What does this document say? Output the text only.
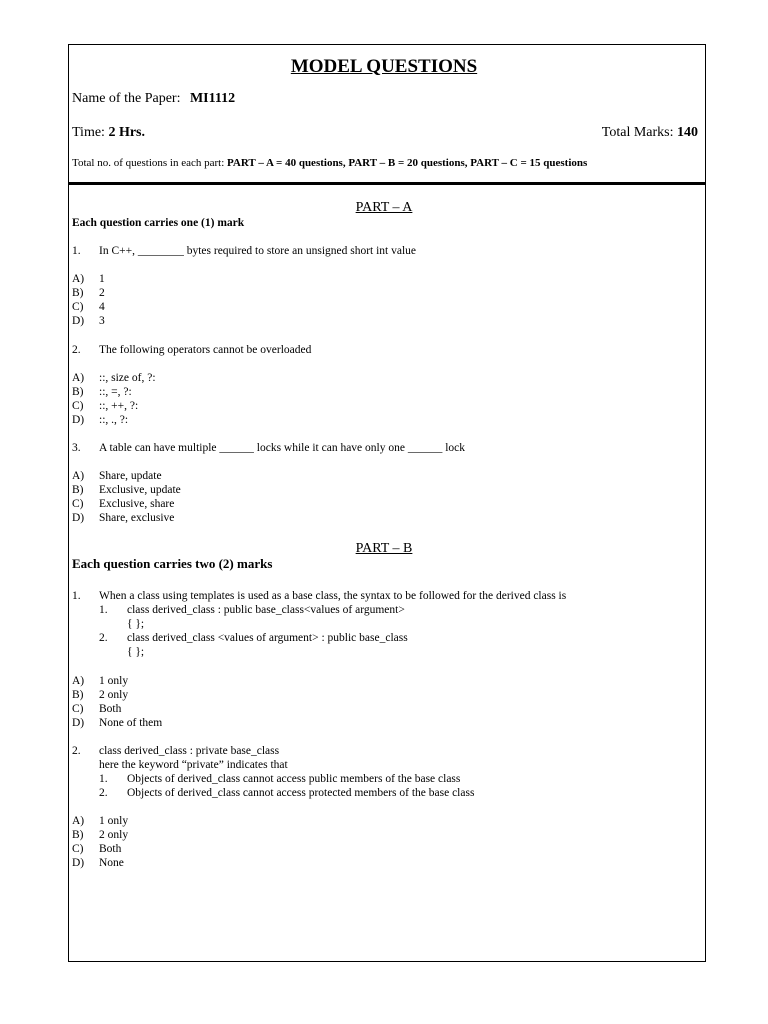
MODEL QUESTIONS
Name of the Paper: MI1112
Time: 2 Hrs.	Total Marks: 140
Total no. of questions in each part: PART – A = 40 questions, PART – B = 20 questions, PART – C = 15 questions
PART – A
Each question carries one (1) mark
1. In C++, ________ bytes required to store an unsigned short int value
A) 1
B) 2
C) 4
D) 3
2. The following operators cannot be overloaded
A) ::, size of, ?:
B) ::, =, ?:
C) ::, ++, ?:
D) ::, ., ?:
3. A table can have multiple ______ locks while it can have only one ______ lock
A) Share, update
B) Exclusive, update
C) Exclusive, share
D) Share, exclusive
PART – B
Each question carries two (2) marks
1. When a class using templates is used as a base class, the syntax to be followed for the derived class is
1. class derived_class : public base_class<values of argument>
{ };
2. class derived_class <values of argument> : public base_class
{ };
A) 1 only
B) 2 only
C) Both
D) None of them
2. class derived_class : private base_class
here the keyword “private” indicates that
1. Objects of derived_class cannot access public members of the base class
2. Objects of derived_class cannot access protected members of the base class
A) 1 only
B) 2 only
C) Both
D) None
